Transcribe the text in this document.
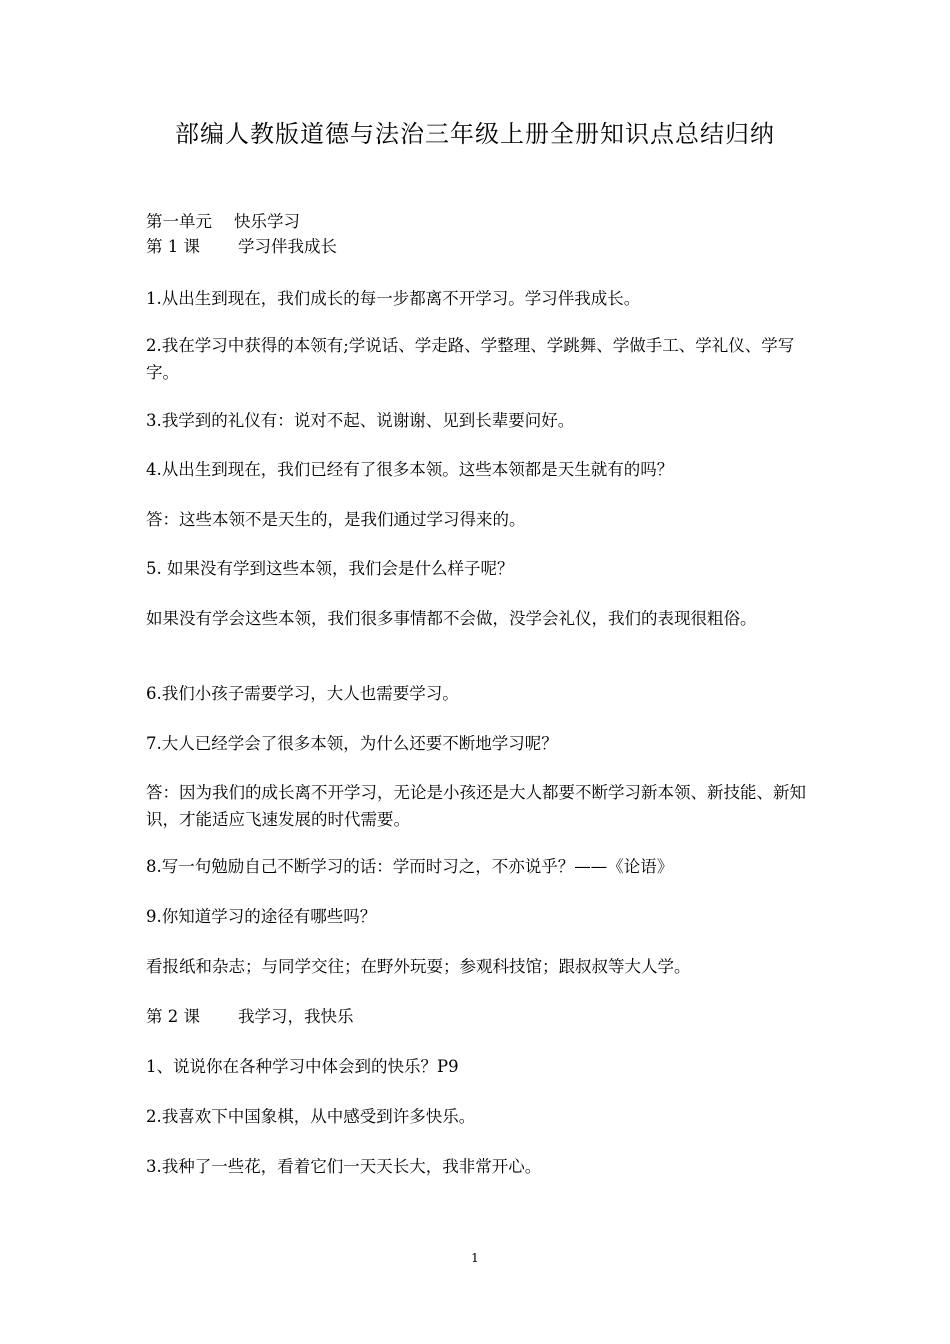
部编人教版道德与法治三年级上册全册知识点总结归纳
第一单元 快乐学习
第 1 课 学习伴我成长
1.从出生到现在，我们成长的每一步都离不开学习。学习伴我成长。
2.我在学习中获得的本领有;学说话、学走路、学整理、学跳舞、学做手工、学礼仪、学写字。
3.我学到的礼仪有：说对不起、说谢谢、见到长辈要问好。
4.从出生到现在，我们已经有了很多本领。这些本领都是天生就有的吗？
答：这些本领不是天生的，是我们通过学习得来的。
5. 如果没有学到这些本领，我们会是什么样子呢？
如果没有学会这些本领，我们很多事情都不会做，没学会礼仪，我们的表现很粗俗。
6.我们小孩子需要学习，大人也需要学习。
7.大人已经学会了很多本领，为什么还要不断地学习呢？
答：因为我们的成长离不开学习，无论是小孩还是大人都要不断学习新本领、新技能、新知识，才能适应飞速发展的时代需要。
8.写一句勉励自己不断学习的话：学而时习之，不亦说乎？——《论语》
9.你知道学习的途径有哪些吗？
看报纸和杂志；与同学交往；在野外玩耍；参观科技馆；跟叔叔等大人学。
第 2 课 我学习，我快乐
1、说说你在各种学习中体会到的快乐？P9
2.我喜欢下中国象棋，从中感受到许多快乐。
3.我种了一些花，看着它们一天天长大，我非常开心。
1
